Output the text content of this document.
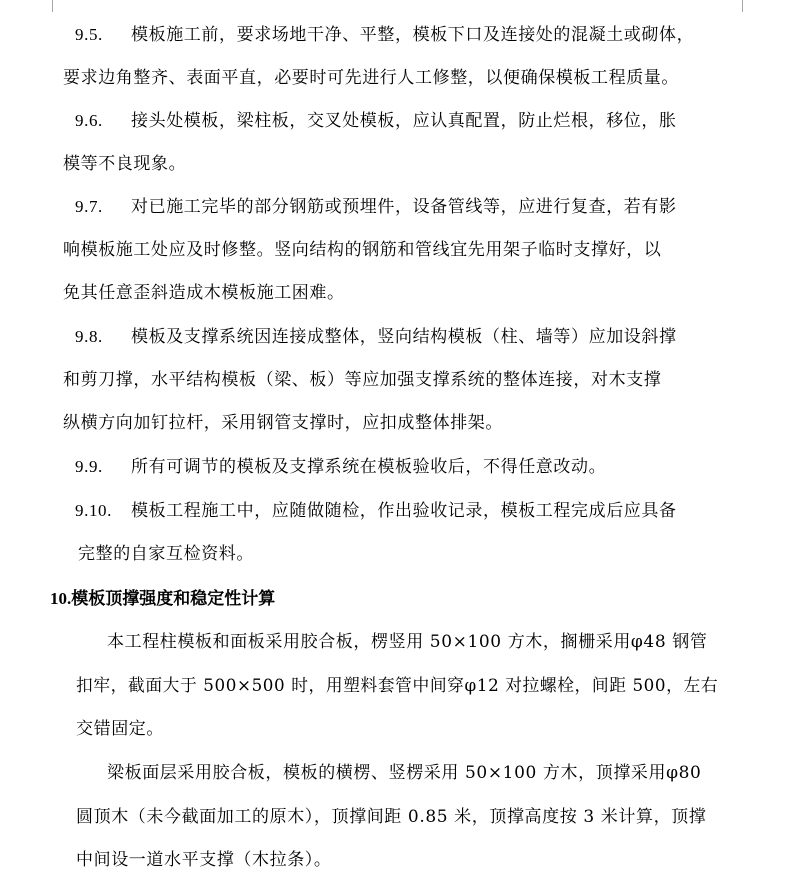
9.5. 模板施工前，要求场地干净、平整，模板下口及连接处的混凝土或砌体，
要求边角整齐、表面平直，必要时可先进行人工修整，以便确保模板工程质量。
9.6. 接头处模板，梁柱板，交叉处模板，应认真配置，防止烂根，移位，胀
模等不良现象。
9.7. 对已施工完毕的部分钢筋或预埋件，设备管线等，应进行复查，若有影
响模板施工处应及时修整。竖向结构的钢筋和管线宜先用架子临时支撑好，以
免其任意歪斜造成木模板施工困难。
9.8. 模板及支撑系统因连接成整体，竖向结构模板（柱、墙等）应加设斜撑
和剪刀撑，水平结构模板（梁、板）等应加强支撑系统的整体连接，对木支撑
纵横方向加钉拉杆，采用钢管支撑时，应扣成整体排架。
9.9. 所有可调节的模板及支撑系统在模板验收后，不得任意改动。
9.10. 模板工程施工中，应随做随检，作出验收记录，模板工程完成后应具备
完整的自家互检资料。
10.模板顶撑强度和稳定性计算
本工程柱模板和面板采用胶合板，楞竖用 50×100 方木，搁栅采用φ48 钢管
扣牢，截面大于 500×500 时，用塑料套管中间穿φ12 对拉螺栓，间距 500，左右
交错固定。
梁板面层采用胶合板，模板的横楞、竖楞采用 50×100 方木，顶撑采用φ80
圆顶木（未今截面加工的原木），顶撑间距 0.85 米，顶撑高度按 3 米计算，顶撑
中间设一道水平支撑（木拉条）。
